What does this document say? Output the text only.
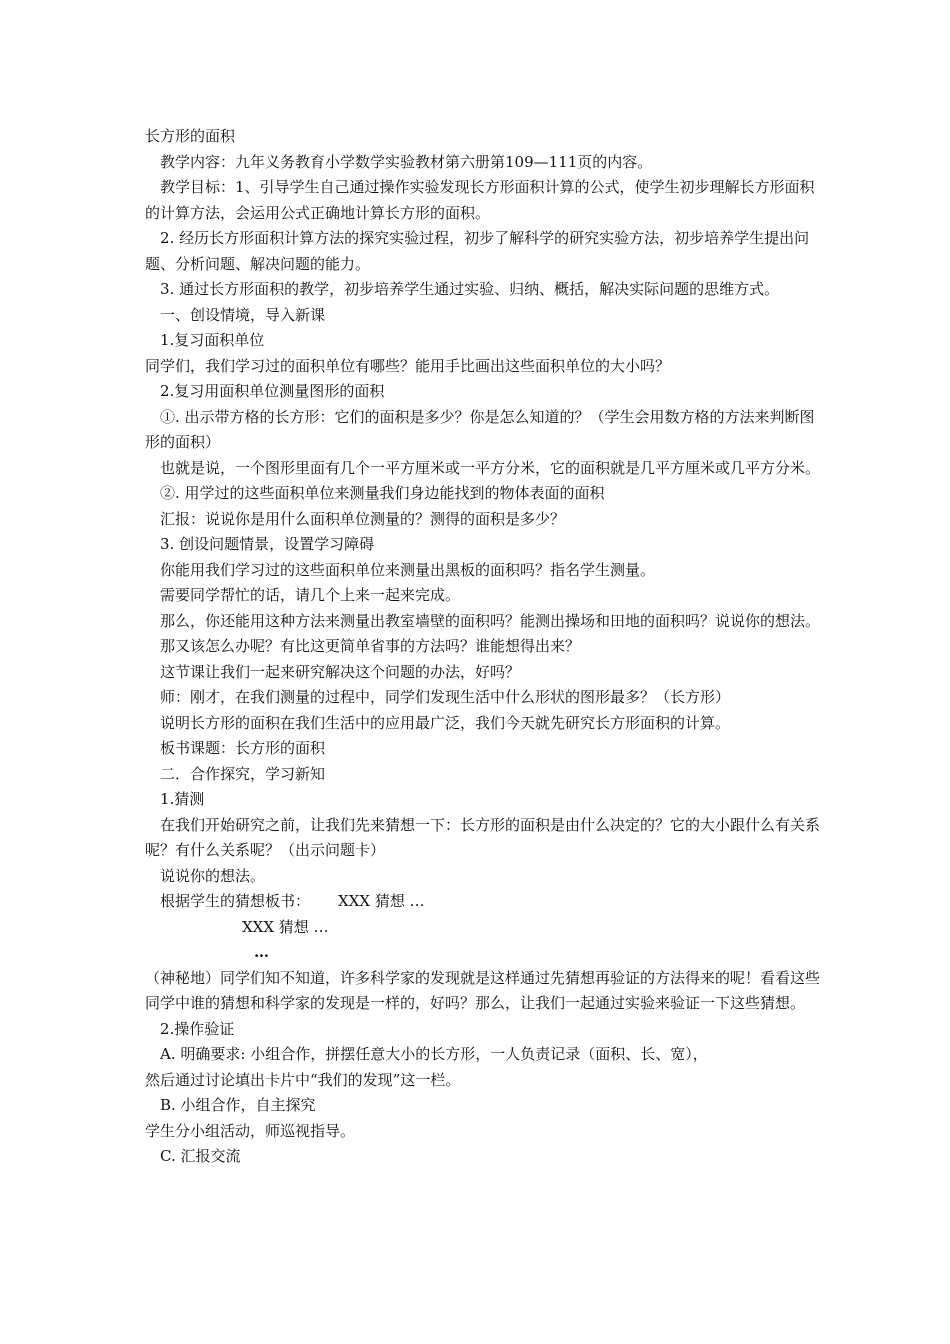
长方形的面积

教学内容：九年义务教育小学数学实验教材第六册第109—111页的内容。

教学目标：1、引导学生自己通过操作实验发现长方形面积计算的公式，使学生初步理解长方形面积的计算方法，会运用公式正确地计算长方形的面积。

2. 经历长方形面积计算方法的探究实验过程，初步了解科学的研究实验方法，初步培养学生提出问题、分析问题、解决问题的能力。

3. 通过长方形面积的教学，初步培养学生通过实验、归纳、概括，解决实际问题的思维方式。

一、创设情境，导入新课

1.复习面积单位

同学们，我们学习过的面积单位有哪些？能用手比画出这些面积单位的大小吗？

2.复习用面积单位测量图形的面积

①. 出示带方格的长方形：它们的面积是多少？你是怎么知道的？（学生会用数方格的方法来判断图形的面积）

也就是说，一个图形里面有几个一平方厘米或一平方分米，它的面积就是几平方厘米或几平方分米。

②. 用学过的这些面积单位来测量我们身边能找到的物体表面的面积

汇报：说说你是用什么面积单位测量的？测得的面积是多少？

3. 创设问题情景，设置学习障碍

你能用我们学习过的这些面积单位来测量出黑板的面积吗？指名学生测量。

需要同学帮忙的话，请几个上来一起来完成。

那么，你还能用这种方法来测量出教室墙壁的面积吗？能测出操场和田地的面积吗？说说你的想法。

那又该怎么办呢？有比这更简单省事的方法吗？谁能想得出来？

这节课让我们一起来研究解决这个问题的办法，好吗？

师：刚才，在我们测量的过程中，同学们发现生活中什么形状的图形最多？（长方形）

说明长方形的面积在我们生活中的应用最广泛，我们今天就先研究长方形面积的计算。

板书课题：长方形的面积

二．合作探究，学习新知

1.猜测

在我们开始研究之前，让我们先来猜想一下：长方形的面积是由什么决定的？它的大小跟什么有关系呢？有什么关系呢？（出示问题卡）

说说你的想法。

根据学生的猜想板书： XXX 猜想 …

XXX 猜想 …

…

（神秘地）同学们知不知道，许多科学家的发现就是这样通过先猜想再验证的方法得来的呢！看看这些同学中谁的猜想和科学家的发现是一样的，好吗？那么，让我们一起通过实验来验证一下这些猜想。

2.操作验证

A. 明确要求: 小组合作，拼摆任意大小的长方形，一人负责记录（面积、长、宽），

然后通过讨论填出卡片中“我们的发现”这一栏。

B. 小组合作，自主探究

学生分小组活动，师巡视指导。

C. 汇报交流
